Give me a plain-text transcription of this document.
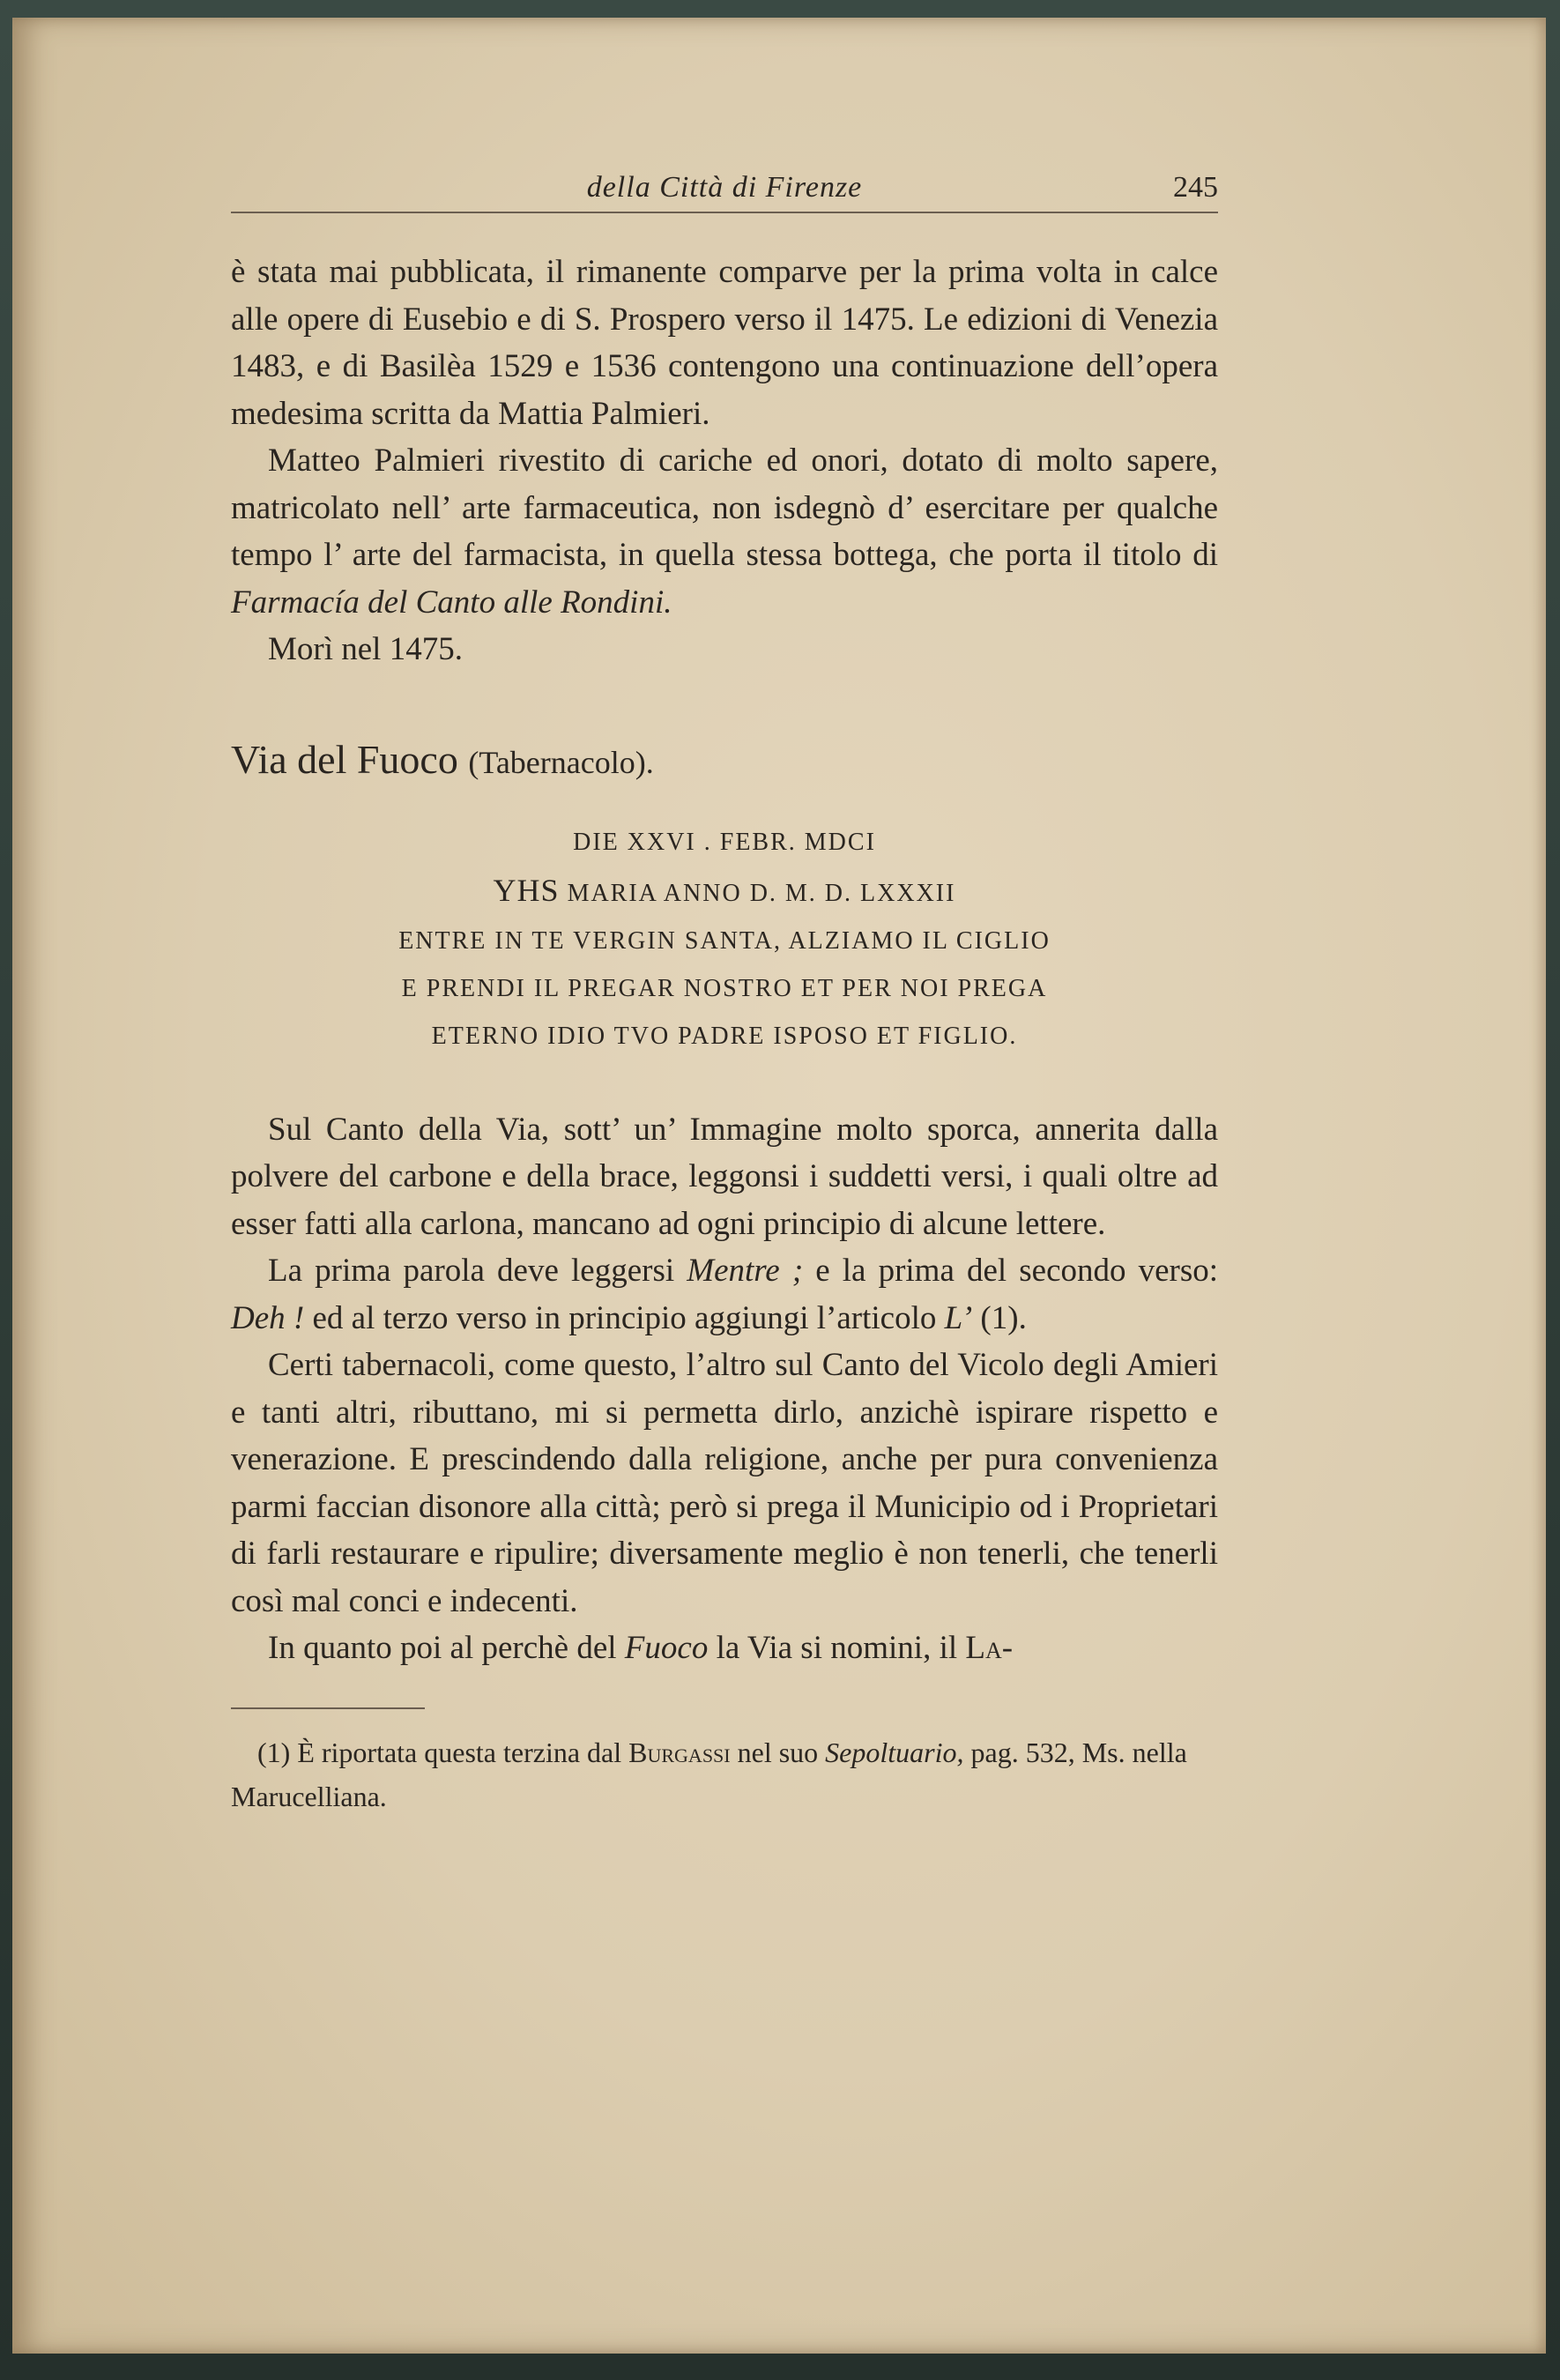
della Città di Firenze	245

è stata mai pubblicata, il rimanente comparve per la prima volta in calce alle opere di Eusebio e di S. Prospero verso il 1475. Le edizioni di Venezia 1483, e di Basilèa 1529 e 1536 contengono una continuazione dell’opera medesima scritta da Mattia Palmieri.

Matteo Palmieri rivestito di cariche ed onori, dotato di molto sapere, matricolato nell’ arte farmaceutica, non isdegnò d’ esercitare per qualche tempo l’ arte del farmacista, in quella stessa bottega, che porta il titolo di Farmacía del Canto alle Rondini.

Morì nel 1475.

Via del Fuoco (Tabernacolo).
DIE XXVI . FEBR. MDCI
YHS MARIA ANNO D. M. D. LXXXII
ENTRE IN TE VERGIN SANTA, ALZIAMO IL CIGLIO
E PRENDI IL PREGAR NOSTRO ET PER NOI PREGA
ETERNO IDIO TVO PADRE ISPOSO ET FIGLIO.

Sul Canto della Via, sott’ un’ Immagine molto sporca, annerita dalla polvere del carbone e della brace, leggonsi i suddetti versi, i quali oltre ad esser fatti alla carlona, mancano ad ogni principio di alcune lettere.

La prima parola deve leggersi Mentre ; e la prima del secondo verso: Deh ! ed al terzo verso in principio aggiungi l’articolo L’ (1).

Certi tabernacoli, come questo, l’altro sul Canto del Vicolo degli Amieri e tanti altri, ributtano, mi si permetta dirlo, anzichè ispirare rispetto e venerazione. E prescindendo dalla religione, anche per pura convenienza parmi faccian disonore alla città; però si prega il Municipio od i Proprietari di farli restaurare e ripulire; diversamente meglio è non tenerli, che tenerli così mal conci e indecenti.

In quanto poi al perchè del Fuoco la Via si nomini, il La-

(1) È riportata questa terzina dal Burgassi nel suo Sepoltuario, pag. 532, Ms. nella Marucelliana.
